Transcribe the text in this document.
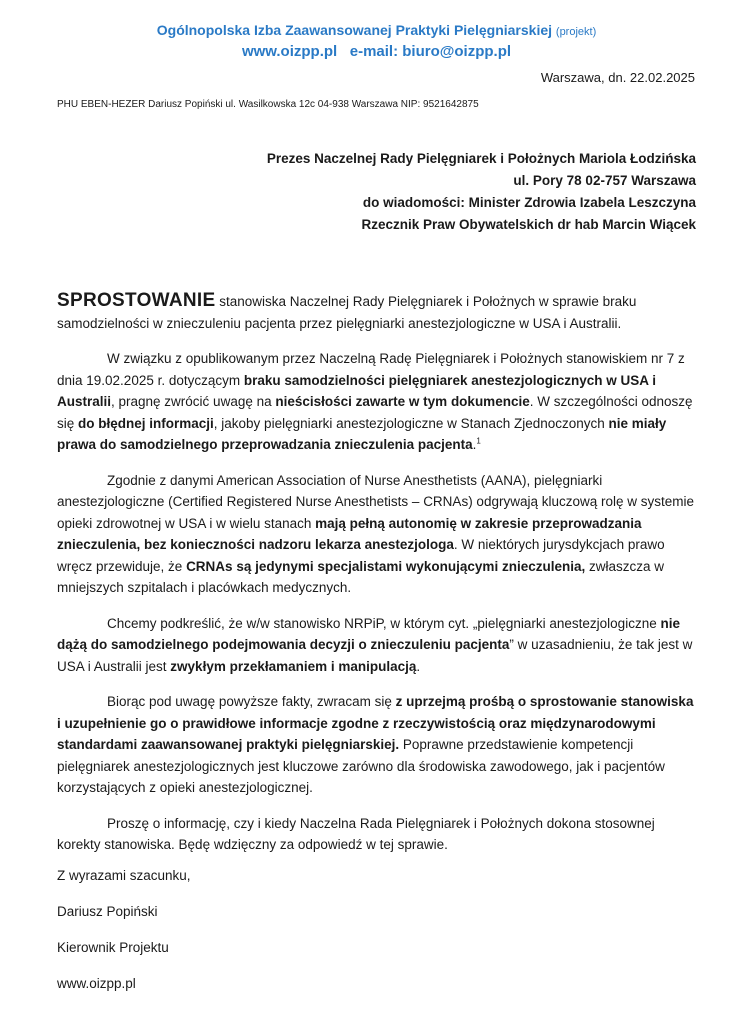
Ogólnopolska Izba Zaawansowanej Praktyki Pielęgniarskiej (projekt)
www.oizpp.pl e-mail: biuro@oizpp.pl
Warszawa, dn. 22.02.2025
PHU EBEN-HEZER Dariusz Popiński ul. Wasilkowska 12c 04-938 Warszawa NIP: 9521642875
Prezes Naczelnej Rady Pielęgniarek i Położnych Mariola Łodzińska
ul. Pory 78 02-757 Warszawa
do wiadomości: Minister Zdrowia Izabela Leszczyna
Rzecznik Praw Obywatelskich dr hab Marcin Wiącek

SPROSTOWANIE stanowiska Naczelnej Rady Pielęgniarek i Położnych w sprawie braku samodzielności w znieczuleniu pacjenta przez pielęgniarki anestezjologiczne w USA i Australii.

W związku z opublikowanym przez Naczelną Radę Pielęgniarek i Położnych stanowiskiem nr 7 z dnia 19.02.2025 r. dotyczącym braku samodzielności pielęgniarek anestezjologicznych w USA i Australii, pragnę zwrócić uwagę na nieścisłości zawarte w tym dokumencie. W szczególności odnoszę się do błędnej informacji, jakoby pielęgniarki anestezjologiczne w Stanach Zjednoczonych nie miały prawa do samodzielnego przeprowadzania znieczulenia pacjenta.$^1$

Zgodnie z danymi American Association of Nurse Anesthetists (AANA), pielęgniarki anestezjologiczne (Certified Registered Nurse Anesthetists – CRNAs) odgrywają kluczową rolę w systemie opieki zdrowotnej w USA i w wielu stanach mają pełną autonomię w zakresie przeprowadzania znieczulenia, bez konieczności nadzoru lekarza anestezjologa. W niektórych jurysdykcjach prawo wręcz przewiduje, że CRNAs są jedynymi specjalistami wykonującymi znieczulenia, zwłaszcza w mniejszych szpitalach i placówkach medycznych.

Chcemy podkreślić, że w/w stanowisko NRPiP, w którym cyt. „pielęgniarki anestezjologiczne nie dążą do samodzielnego podejmowania decyzji o znieczuleniu pacjenta” w uzasadnieniu, że tak jest w USA i Australii jest zwykłym przekłamaniem i manipulacją.

Biorąc pod uwagę powyższe fakty, zwracam się z uprzejmą prośbą o sprostowanie stanowiska i uzupełnienie go o prawidłowe informacje zgodne z rzeczywistością oraz międzynarodowymi standardami zaawansowanej praktyki pielęgniarskiej. Poprawne przedstawienie kompetencji pielęgniarek anestezjologicznych jest kluczowe zarówno dla środowiska zawodowego, jak i pacjentów korzystających z opieki anestezjologicznej.

Proszę o informację, czy i kiedy Naczelna Rada Pielęgniarek i Położnych dokona stosownej korekty stanowiska. Będę wdzięczny za odpowiedź w tej sprawie.

Z wyrazami szacunku,
Dariusz Popiński
Kierownik Projektu
www.oizpp.pl
